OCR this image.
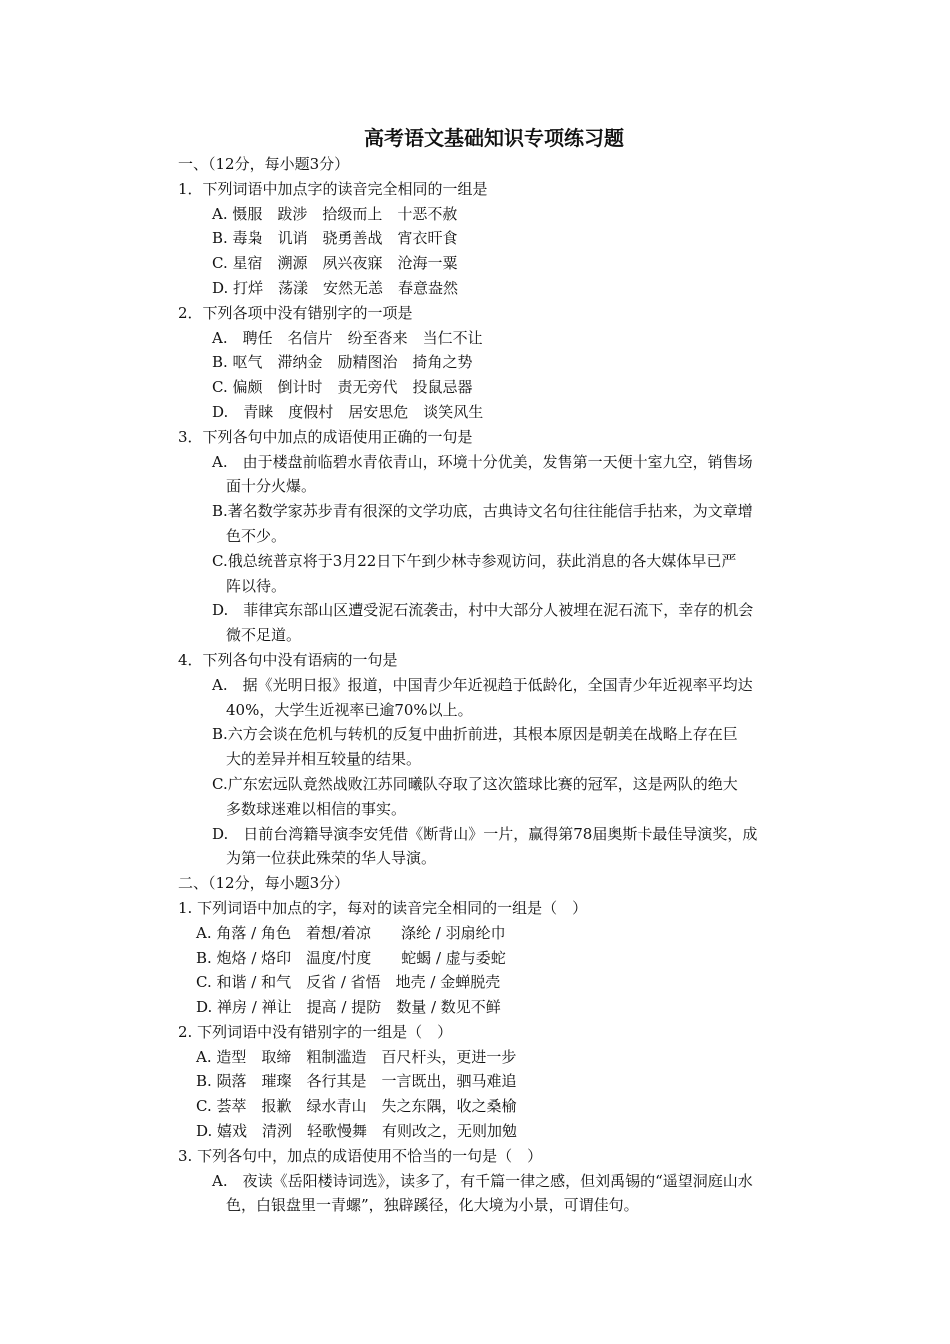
高考语文基础知识专项练习题
一、（12分，每小题3分）
1．下列词语中加点字的读音完全相同的一组是
A. 慑服　跋涉　拾级而上　十恶不赦
B. 毒枭　讥诮　骁勇善战　宵衣旰食
C. 星宿　溯源　夙兴夜寐　沧海一粟
D. 打烊　荡漾　安然无恙　春意盎然
2．下列各项中没有错别字的一项是
A.　聘任　名信片　纷至沓来　当仁不让
B. 呕气　滞纳金　励精图治　掎角之势
C. 偏颇　倒计时　责无旁代　投鼠忌器
D.　青睐　度假村　居安思危　谈笑风生
3．下列各句中加点的成语使用正确的一句是
A.　由于楼盘前临碧水青依青山，环境十分优美，发售第一天便十室九空，销售场
面十分火爆。
B.著名数学家苏步青有很深的文学功底，古典诗文名句往往能信手拈来，为文章增
色不少。
C.俄总统普京将于3月22日下午到少林寺参观访问，获此消息的各大媒体早已严
阵以待。
D.　菲律宾东部山区遭受泥石流袭击，村中大部分人被埋在泥石流下，幸存的机会
微不足道。
4．下列各句中没有语病的一句是
A.　据《光明日报》报道，中国青少年近视趋于低龄化，全国青少年近视率平均达
40%，大学生近视率已逾70%以上。
B.六方会谈在危机与转机的反复中曲折前进，其根本原因是朝美在战略上存在巨
大的差异并相互较量的结果。
C.广东宏远队竟然战败江苏同曦队夺取了这次篮球比赛的冠军，这是两队的绝大
多数球迷难以相信的事实。
D.　日前台湾籍导演李安凭借《断背山》一片，赢得第78届奥斯卡最佳导演奖，成
为第一位获此殊荣的华人导演。
二、（12分，每小题3分）
1. 下列词语中加点的字，每对的读音完全相同的一组是（　）
A. 角落 / 角色　着想/着凉　　涤纶 / 羽扇纶巾
B. 炮烙 / 烙印　温度/忖度　　蛇蝎 / 虚与委蛇
C. 和谐 / 和气　反省 / 省悟　地壳 / 金蝉脱壳
D. 禅房 / 禅让　提高 / 提防　数量 / 数见不鲜
2. 下列词语中没有错别字的一组是（　）
A. 造型　取缔　粗制滥造　百尺杆头，更进一步
B. 陨落　璀璨　各行其是　一言既出，驷马难追
C. 荟萃　报歉　绿水青山　失之东隅，收之桑榆
D. 嬉戏　清洌　轻歌慢舞　有则改之，无则加勉
3. 下列各句中，加点的成语使用不恰当的一句是（　）
A.　夜读《岳阳楼诗词选》，读多了，有千篇一律之感，但刘禹锡的“遥望洞庭山水
色，白银盘里一青螺”，独辟蹊径，化大境为小景，可谓佳句。
